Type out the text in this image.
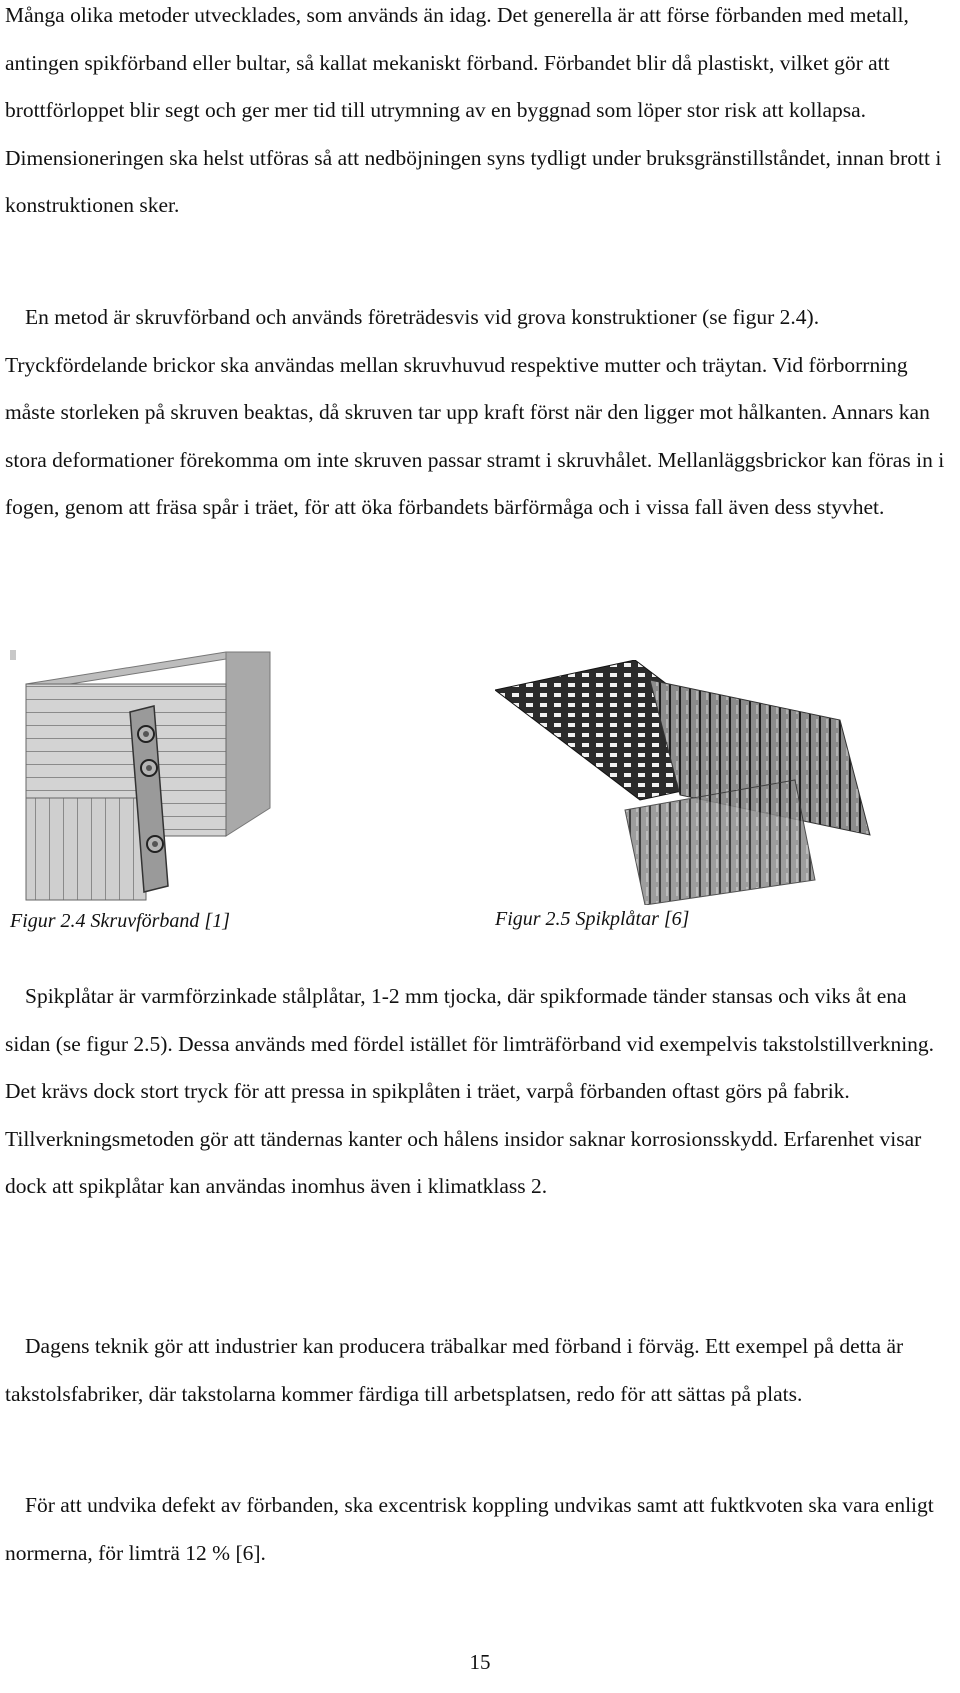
Många olika metoder utvecklades, som används än idag. Det generella är att förse förbanden med metall, antingen spikförband eller bultar, så kallat mekaniskt förband. Förbandet blir då plastiskt, vilket gör att brottförloppet blir segt och ger mer tid till utrymning av en byggnad som löper stor risk att kollapsa. Dimensioneringen ska helst utföras så att nedböjningen syns tydligt under bruksgränstillståndet, innan brott i konstruktionen sker.

En metod är skruvförband och används företrädesvis vid grova konstruktioner (se figur 2.4). Tryckfördelande brickor ska användas mellan skruvhuvud respektive mutter och träytan. Vid förborrning måste storleken på skruven beaktas, då skruven tar upp kraft först när den ligger mot hålkanten. Annars kan stora deformationer förekomma om inte skruven passar stramt i skruvhålet. Mellanläggsbrickor kan föras in i fogen, genom att fräsa spår i träet, för att öka förbandets bärförmåga och i vissa fall även dess styvhet.

Figur 2.4 Skruvförband [1]	Figur 2.5 Spikplåtar [6]

Spikplåtar är varmförzinkade stålplåtar, 1-2 mm tjocka, där spikformade tänder stansas och viks åt ena sidan (se figur 2.5). Dessa används med fördel istället för limträförband vid exempelvis takstolstillverkning. Det krävs dock stort tryck för att pressa in spikplåten i träet, varpå förbanden oftast görs på fabrik. Tillverkningsmetoden gör att tändernas kanter och hålens insidor saknar korrosionsskydd. Erfarenhet visar dock att spikplåtar kan användas inomhus även i klimatklass 2.

Dagens teknik gör att industrier kan producera träbalkar med förband i förväg. Ett exempel på detta är takstolsfabriker, där takstolarna kommer färdiga till arbetsplatsen, redo för att sättas på plats.

För att undvika defekt av förbanden, ska excentrisk koppling undvikas samt att fuktkvoten ska vara enligt normerna, för limträ 12 % [6].

15
